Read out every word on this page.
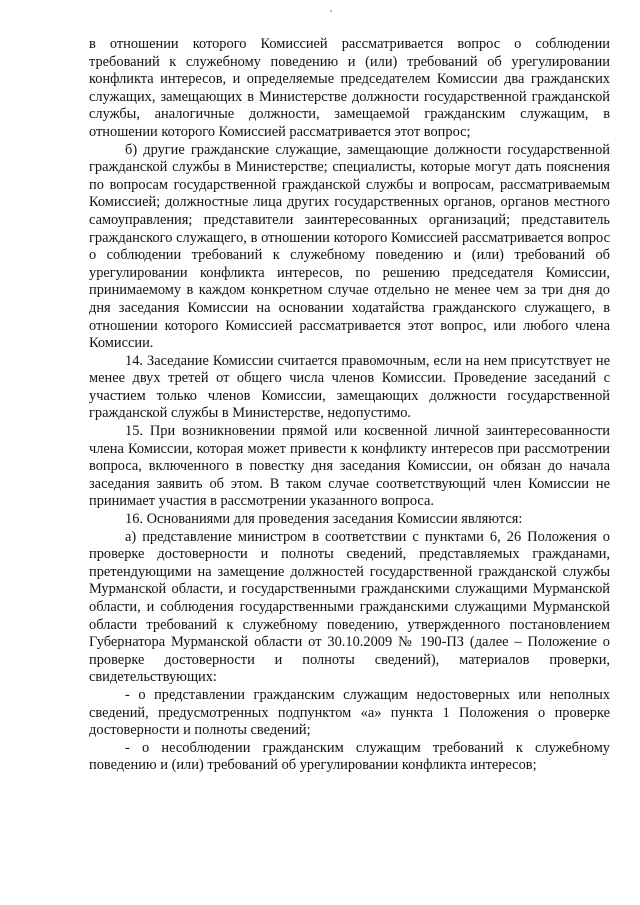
в отношении которого Комиссией рассматривается вопрос о соблюдении требований к служебному поведению и (или) требований об урегулировании конфликта интересов, и определяемые председателем Комиссии два гражданских служащих, замещающих в Министерстве должности государственной гражданской службы, аналогичные должности, замещаемой гражданским служащим, в отношении которого Комиссией рассматривается этот вопрос;

б) другие гражданские служащие, замещающие должности государственной гражданской службы в Министерстве; специалисты, которые могут дать пояснения по вопросам государственной гражданской службы и вопросам, рассматриваемым Комиссией; должностные лица других государственных органов, органов местного самоуправления; представители заинтересованных организаций; представитель гражданского служащего, в отношении которого Комиссией рассматривается вопрос о соблюдении требований к служебному поведению и (или) требований об урегулировании конфликта интересов, по решению председателя Комиссии, принимаемому в каждом конкретном случае отдельно не менее чем за три дня до дня заседания Комиссии на основании ходатайства гражданского служащего, в отношении которого Комиссией рассматривается этот вопрос, или любого члена Комиссии.

14. Заседание Комиссии считается правомочным, если на нем присутствует не менее двух третей от общего числа членов Комиссии. Проведение заседаний с участием только членов Комиссии, замещающих должности государственной гражданской службы в Министерстве, недопустимо.

15. При возникновении прямой или косвенной личной заинтересованности члена Комиссии, которая может привести к конфликту интересов при рассмотрении вопроса, включенного в повестку дня заседания Комиссии, он обязан до начала заседания заявить об этом. В таком случае соответствующий член Комиссии не принимает участия в рассмотрении указанного вопроса.

16. Основаниями для проведения заседания Комиссии являются:

а) представление министром в соответствии с пунктами 6, 26 Положения о проверке достоверности и полноты сведений, представляемых гражданами, претендующими на замещение должностей государственной гражданской службы Мурманской области, и государственными гражданскими служащими Мурманской области, и соблюдения государственными гражданскими служащими Мурманской области требований к служебному поведению, утвержденного постановлением Губернатора Мурманской области от 30.10.2009 № 190-ПЗ (далее – Положение о проверке достоверности и полноты сведений), материалов проверки, свидетельствующих:

- о представлении гражданским служащим недостоверных или неполных сведений, предусмотренных подпунктом «а» пункта 1 Положения о проверке достоверности и полноты сведений;

- о несоблюдении гражданским служащим требований к служебному поведению и (или) требований об урегулировании конфликта интересов;
